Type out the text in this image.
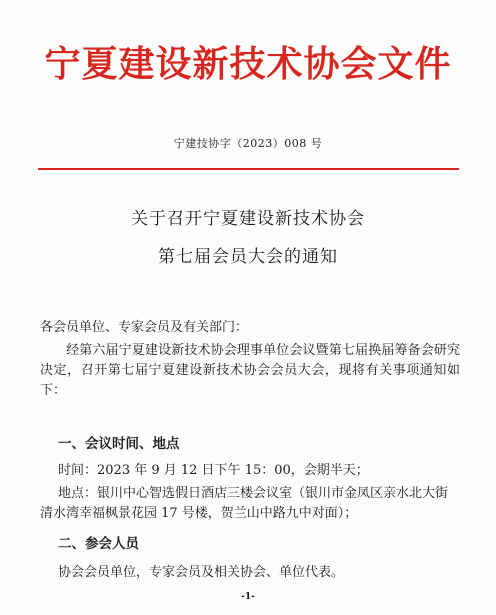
宁夏建设新技术协会文件
宁建技协字（2023）008 号
关于召开宁夏建设新技术协会
第七届会员大会的通知
各会员单位、专家会员及有关部门：
经第六届宁夏建设新技术协会理事单位会议暨第七届换届筹备会研究决定，召开第七届宁夏建设新技术协会会员大会，现将有关事项通知如下：
一、会议时间、地点
时间：2023 年 9 月 12 日下午 15：00，会期半天；
地点：银川中心智选假日酒店三楼会议室（银川市金凤区亲水北大街清水湾幸福枫景花园 17 号楼，贺兰山中路九中对面）；
二、参会人员
协会会员单位，专家会员及相关协会、单位代表。
-1-
